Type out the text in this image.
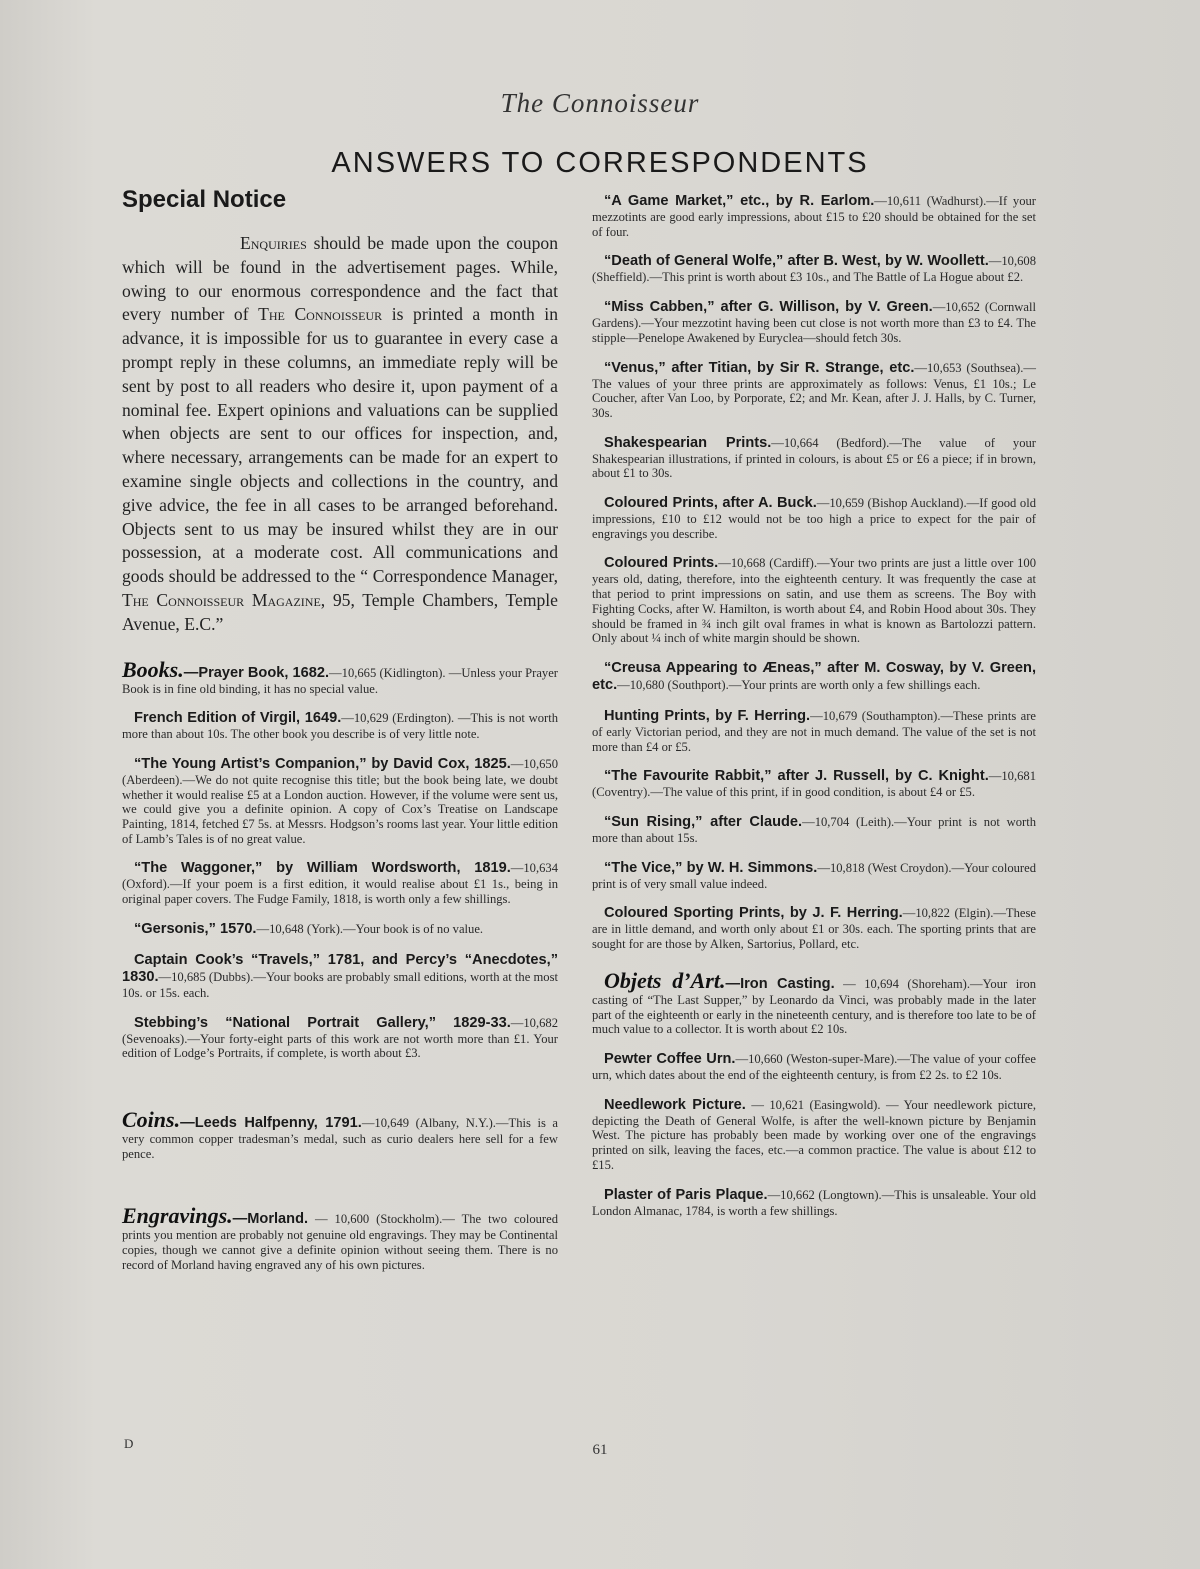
The Connoisseur
ANSWERS TO CORRESPONDENTS
Special Notice

Enquiries should be made upon the coupon which will be found in the advertisement pages. While, owing to our enormous correspondence and the fact that every number of The Connoisseur is printed a month in advance, it is impossible for us to guarantee in every case a prompt reply in these columns, an immediate reply will be sent by post to all readers who desire it, upon payment of a nominal fee. Expert opinions and valuations can be supplied when objects are sent to our offices for inspection, and, where necessary, arrangements can be made for an expert to examine single objects and collections in the country, and give advice, the fee in all cases to be arranged beforehand. Objects sent to us may be insured whilst they are in our possession, at a moderate cost. All communications and goods should be addressed to the “ Correspondence Manager, The Connoisseur Magazine, 95, Temple Chambers, Temple Avenue, E.C.”

Books.—Prayer Book, 1682.—10,665 (Kidlington). —Unless your Prayer Book is in fine old binding, it has no special value.

French Edition of Virgil, 1649.—10,629 (Erdington). —This is not worth more than about 10s. The other book you describe is of very little note.

“The Young Artist’s Companion,” by David Cox, 1825.—10,650 (Aberdeen).—We do not quite recognise this title; but the book being late, we doubt whether it would realise £5 at a London auction. However, if the volume were sent us, we could give you a definite opinion. A copy of Cox’s Treatise on Landscape Painting, 1814, fetched £7 5s. at Messrs. Hodgson’s rooms last year. Your little edition of Lamb’s Tales is of no great value.

“The Waggoner,” by William Wordsworth, 1819.—10,634 (Oxford).—If your poem is a first edition, it would realise about £1 1s., being in original paper covers. The Fudge Family, 1818, is worth only a few shillings.

“Gersonis,” 1570.—10,648 (York).—Your book is of no value.

Captain Cook’s “Travels,” 1781, and Percy’s “Anecdotes,” 1830.—10,685 (Dubbs).—Your books are probably small editions, worth at the most 10s. or 15s. each.

Stebbing’s “National Portrait Gallery,” 1829-33.—10,682 (Sevenoaks).—Your forty-eight parts of this work are not worth more than £1. Your edition of Lodge’s Portraits, if complete, is worth about £3.

Coins.—Leeds Halfpenny, 1791.—10,649 (Albany, N.Y.).—This is a very common copper tradesman’s medal, such as curio dealers here sell for a few pence.

Engravings.—Morland. — 10,600 (Stockholm).— The two coloured prints you mention are probably not genuine old engravings. They may be Continental copies, though we cannot give a definite opinion without seeing them. There is no record of Morland having engraved any of his own pictures.

“A Game Market,” etc., by R. Earlom.—10,611 (Wadhurst).—If your mezzotints are good early impressions, about £15 to £20 should be obtained for the set of four.

“Death of General Wolfe,” after B. West, by W. Woollett.—10,608 (Sheffield).—This print is worth about £3 10s., and The Battle of La Hogue about £2.

“Miss Cabben,” after G. Willison, by V. Green.—10,652 (Cornwall Gardens).—Your mezzotint having been cut close is not worth more than £3 to £4. The stipple—Penelope Awakened by Euryclea—should fetch 30s.

“Venus,” after Titian, by Sir R. Strange, etc.—10,653 (Southsea).—The values of your three prints are approximately as follows: Venus, £1 10s.; Le Coucher, after Van Loo, by Porporate, £2; and Mr. Kean, after J. J. Halls, by C. Turner, 30s.

Shakespearian Prints.—10,664 (Bedford).—The value of your Shakespearian illustrations, if printed in colours, is about £5 or £6 a piece; if in brown, about £1 to 30s.

Coloured Prints, after A. Buck.—10,659 (Bishop Auckland).—If good old impressions, £10 to £12 would not be too high a price to expect for the pair of engravings you describe.

Coloured Prints.—10,668 (Cardiff).—Your two prints are just a little over 100 years old, dating, therefore, into the eighteenth century. It was frequently the case at that period to print impressions on satin, and use them as screens. The Boy with Fighting Cocks, after W. Hamilton, is worth about £4, and Robin Hood about 30s. They should be framed in ¾ inch gilt oval frames in what is known as Bartolozzi pattern. Only about ¼ inch of white margin should be shown.

“Creusa Appearing to Æneas,” after M. Cosway, by V. Green, etc.—10,680 (Southport).—Your prints are worth only a few shillings each.

Hunting Prints, by F. Herring.—10,679 (Southampton).—These prints are of early Victorian period, and they are not in much demand. The value of the set is not more than £4 or £5.

“The Favourite Rabbit,” after J. Russell, by C. Knight.—10,681 (Coventry).—The value of this print, if in good condition, is about £4 or £5.

“Sun Rising,” after Claude.—10,704 (Leith).—Your print is not worth more than about 15s.

“The Vice,” by W. H. Simmons.—10,818 (West Croydon).—Your coloured print is of very small value indeed.

Coloured Sporting Prints, by J. F. Herring.—10,822 (Elgin).—These are in little demand, and worth only about £1 or 30s. each. The sporting prints that are sought for are those by Alken, Sartorius, Pollard, etc.

Objets d’Art.—Iron Casting. — 10,694 (Shoreham).—Your iron casting of “The Last Supper,” by Leonardo da Vinci, was probably made in the later part of the eighteenth or early in the nineteenth century, and is therefore too late to be of much value to a collector. It is worth about £2 10s.

Pewter Coffee Urn.—10,660 (Weston-super-Mare).—The value of your coffee urn, which dates about the end of the eighteenth century, is from £2 2s. to £2 10s.

Needlework Picture. — 10,621 (Easingwold). — Your needlework picture, depicting the Death of General Wolfe, is after the well-known picture by Benjamin West. The picture has probably been made by working over one of the engravings printed on silk, leaving the faces, etc.—a common practice. The value is about £12 to £15.

Plaster of Paris Plaque.—10,662 (Longtown).—This is unsaleable. Your old London Almanac, 1784, is worth a few shillings.

D	61
